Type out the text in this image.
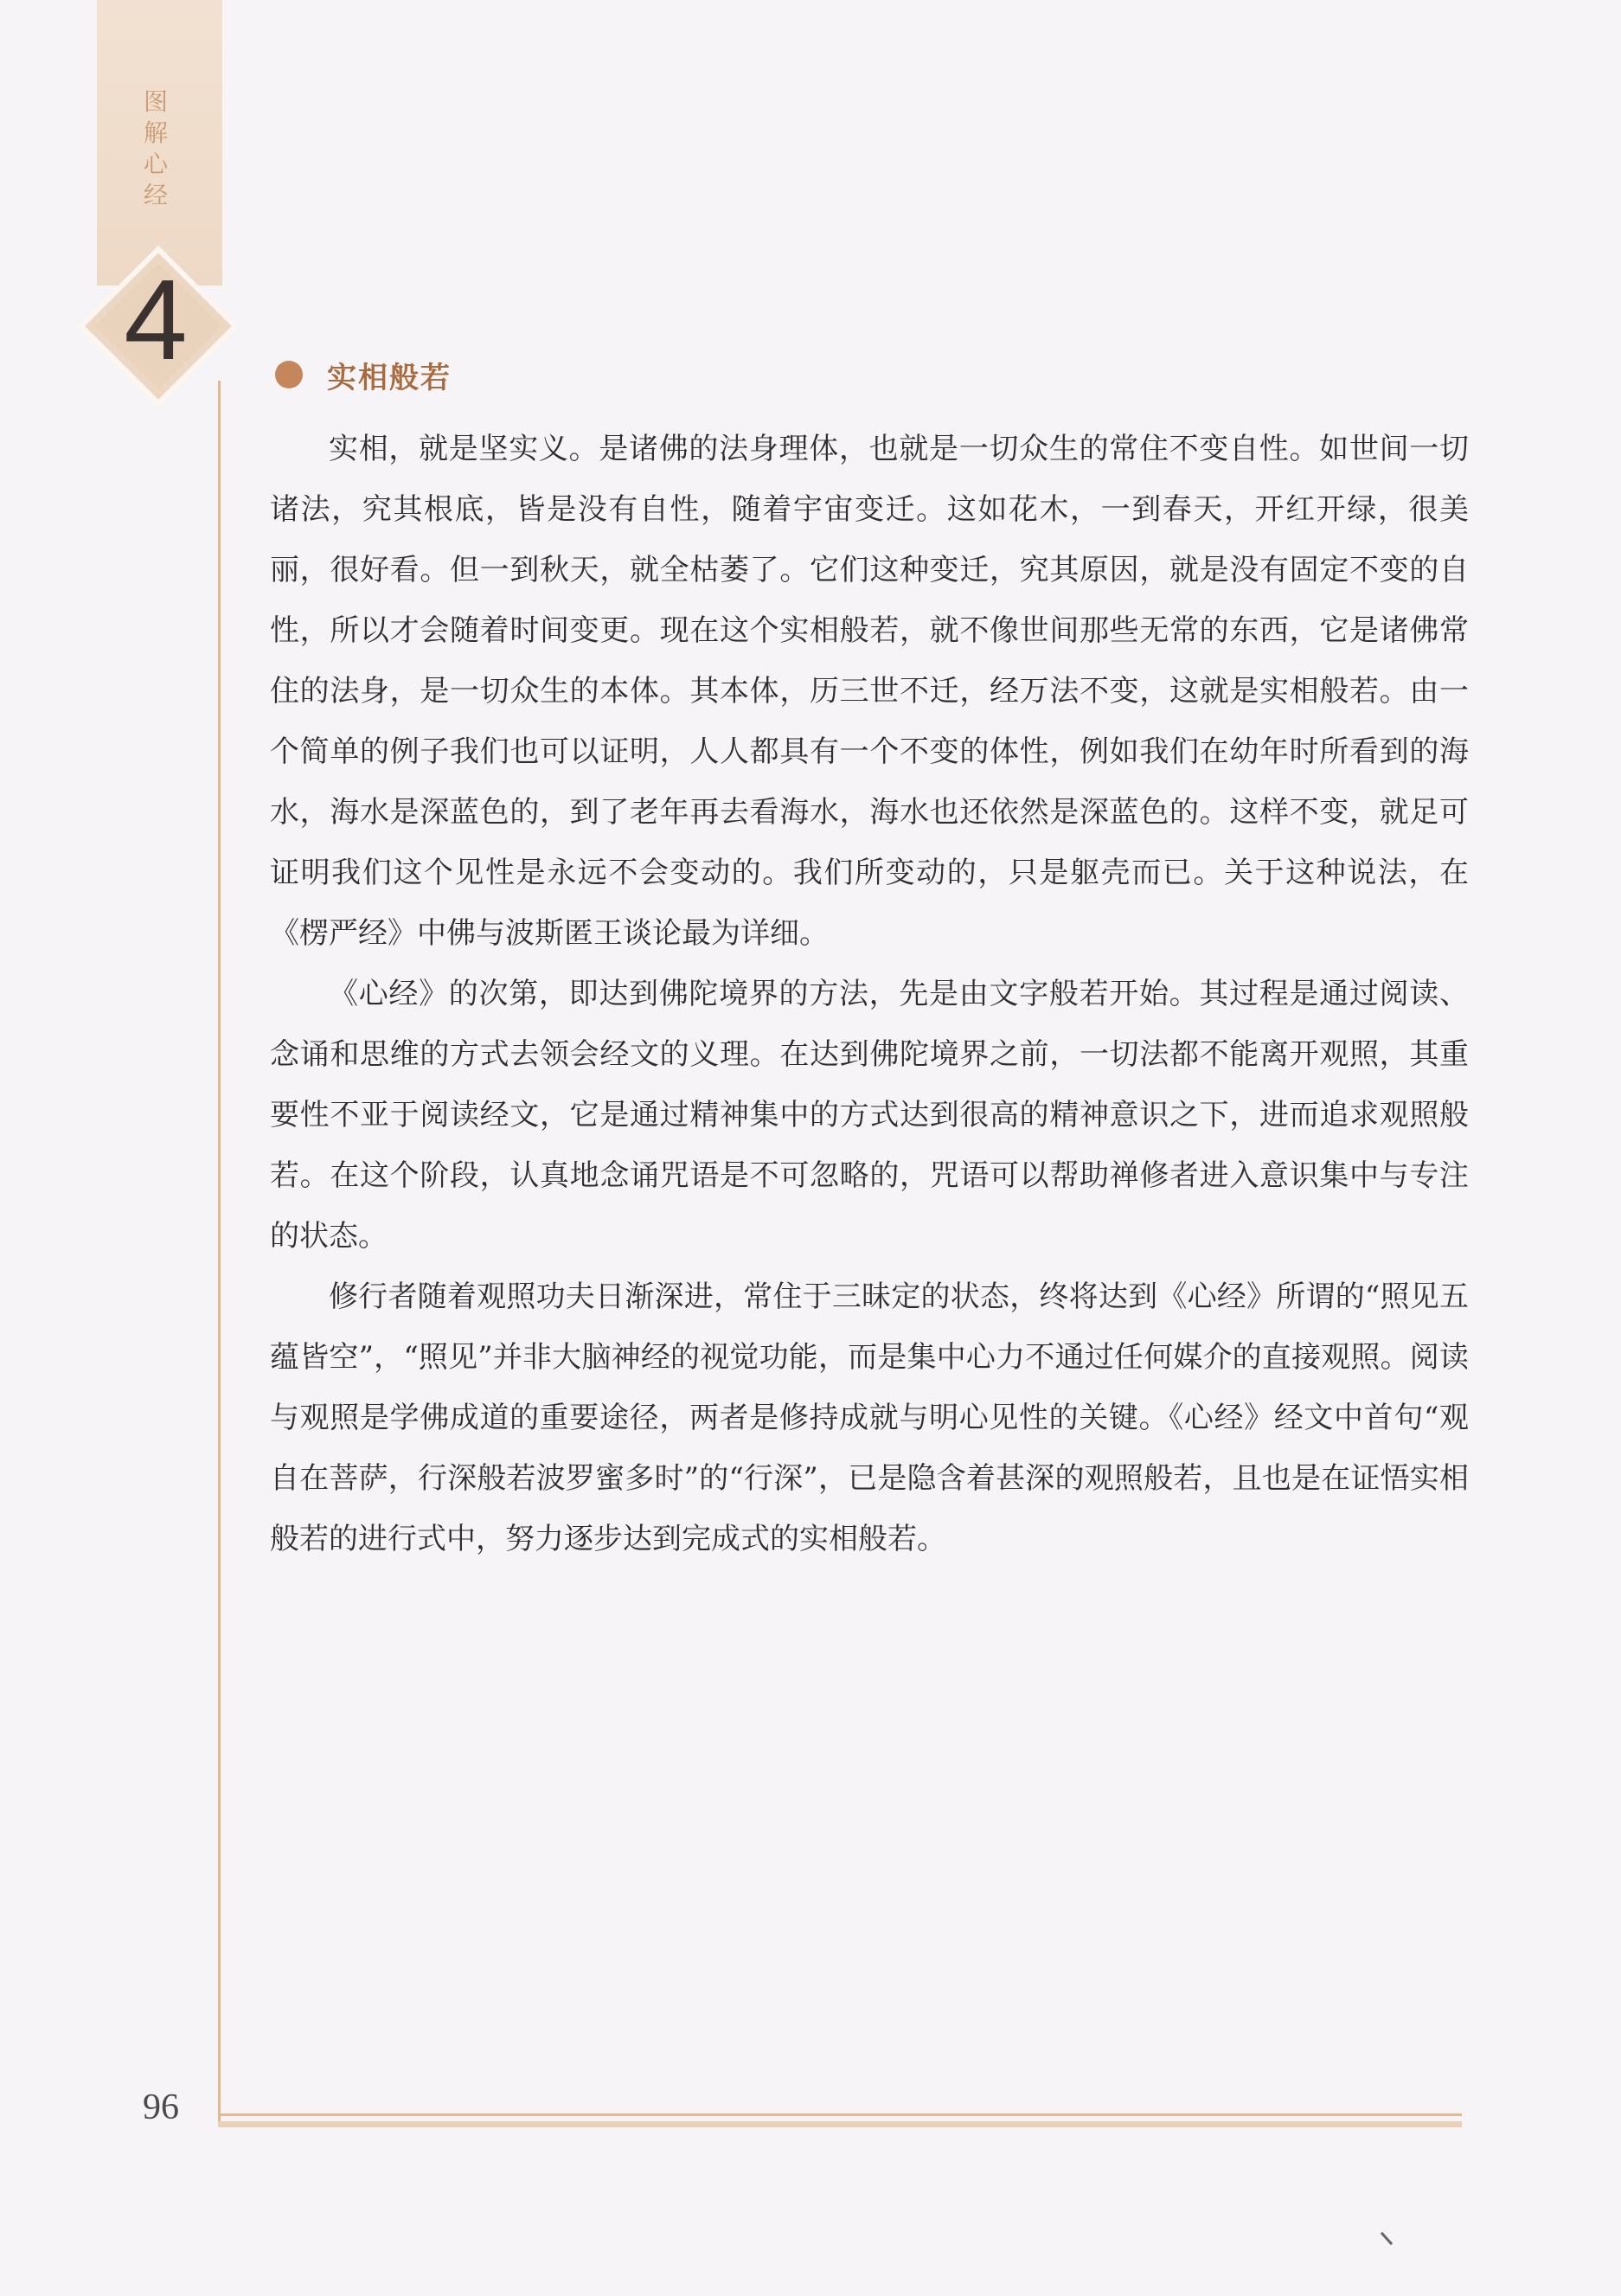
图
解
心
经
4	实相般若

实相，就是坚实义。是诸佛的法身理体，也就是一切众生的常住不变自性。如世间一切诸法，究其根底，皆是没有自性，随着宇宙变迁。这如花木，一到春天，开红开绿，很美丽，很好看。但一到秋天，就全枯萎了。它们这种变迁，究其原因，就是没有固定不变的自性，所以才会随着时间变更。现在这个实相般若，就不像世间那些无常的东西，它是诸佛常住的法身，是一切众生的本体。其本体，历三世不迁，经万法不变，这就是实相般若。由一个简单的例子我们也可以证明，人人都具有一个不变的体性，例如我们在幼年时所看到的海水，海水是深蓝色的，到了老年再去看海水，海水也还依然是深蓝色的。这样不变，就足可证明我们这个见性是永远不会变动的。我们所变动的，只是躯壳而已。关于这种说法，在《楞严经》中佛与波斯匿王谈论最为详细。

《心经》的次第，即达到佛陀境界的方法，先是由文字般若开始。其过程是通过阅读、念诵和思维的方式去领会经文的义理。在达到佛陀境界之前，一切法都不能离开观照，其重要性不亚于阅读经文，它是通过精神集中的方式达到很高的精神意识之下，进而追求观照般若。在这个阶段，认真地念诵咒语是不可忽略的，咒语可以帮助禅修者进入意识集中与专注的状态。

修行者随着观照功夫日渐深进，常住于三昧定的状态，终将达到《心经》所谓的“照见五蕴皆空”，“照见”并非大脑神经的视觉功能，而是集中心力不通过任何媒介的直接观照。阅读与观照是学佛成道的重要途径，两者是修持成就与明心见性的关键。《心经》经文中首句“观自在菩萨，行深般若波罗蜜多时”的“行深”，已是隐含着甚深的观照般若，且也是在证悟实相般若的进行式中，努力逐步达到完成式的实相般若。

96
